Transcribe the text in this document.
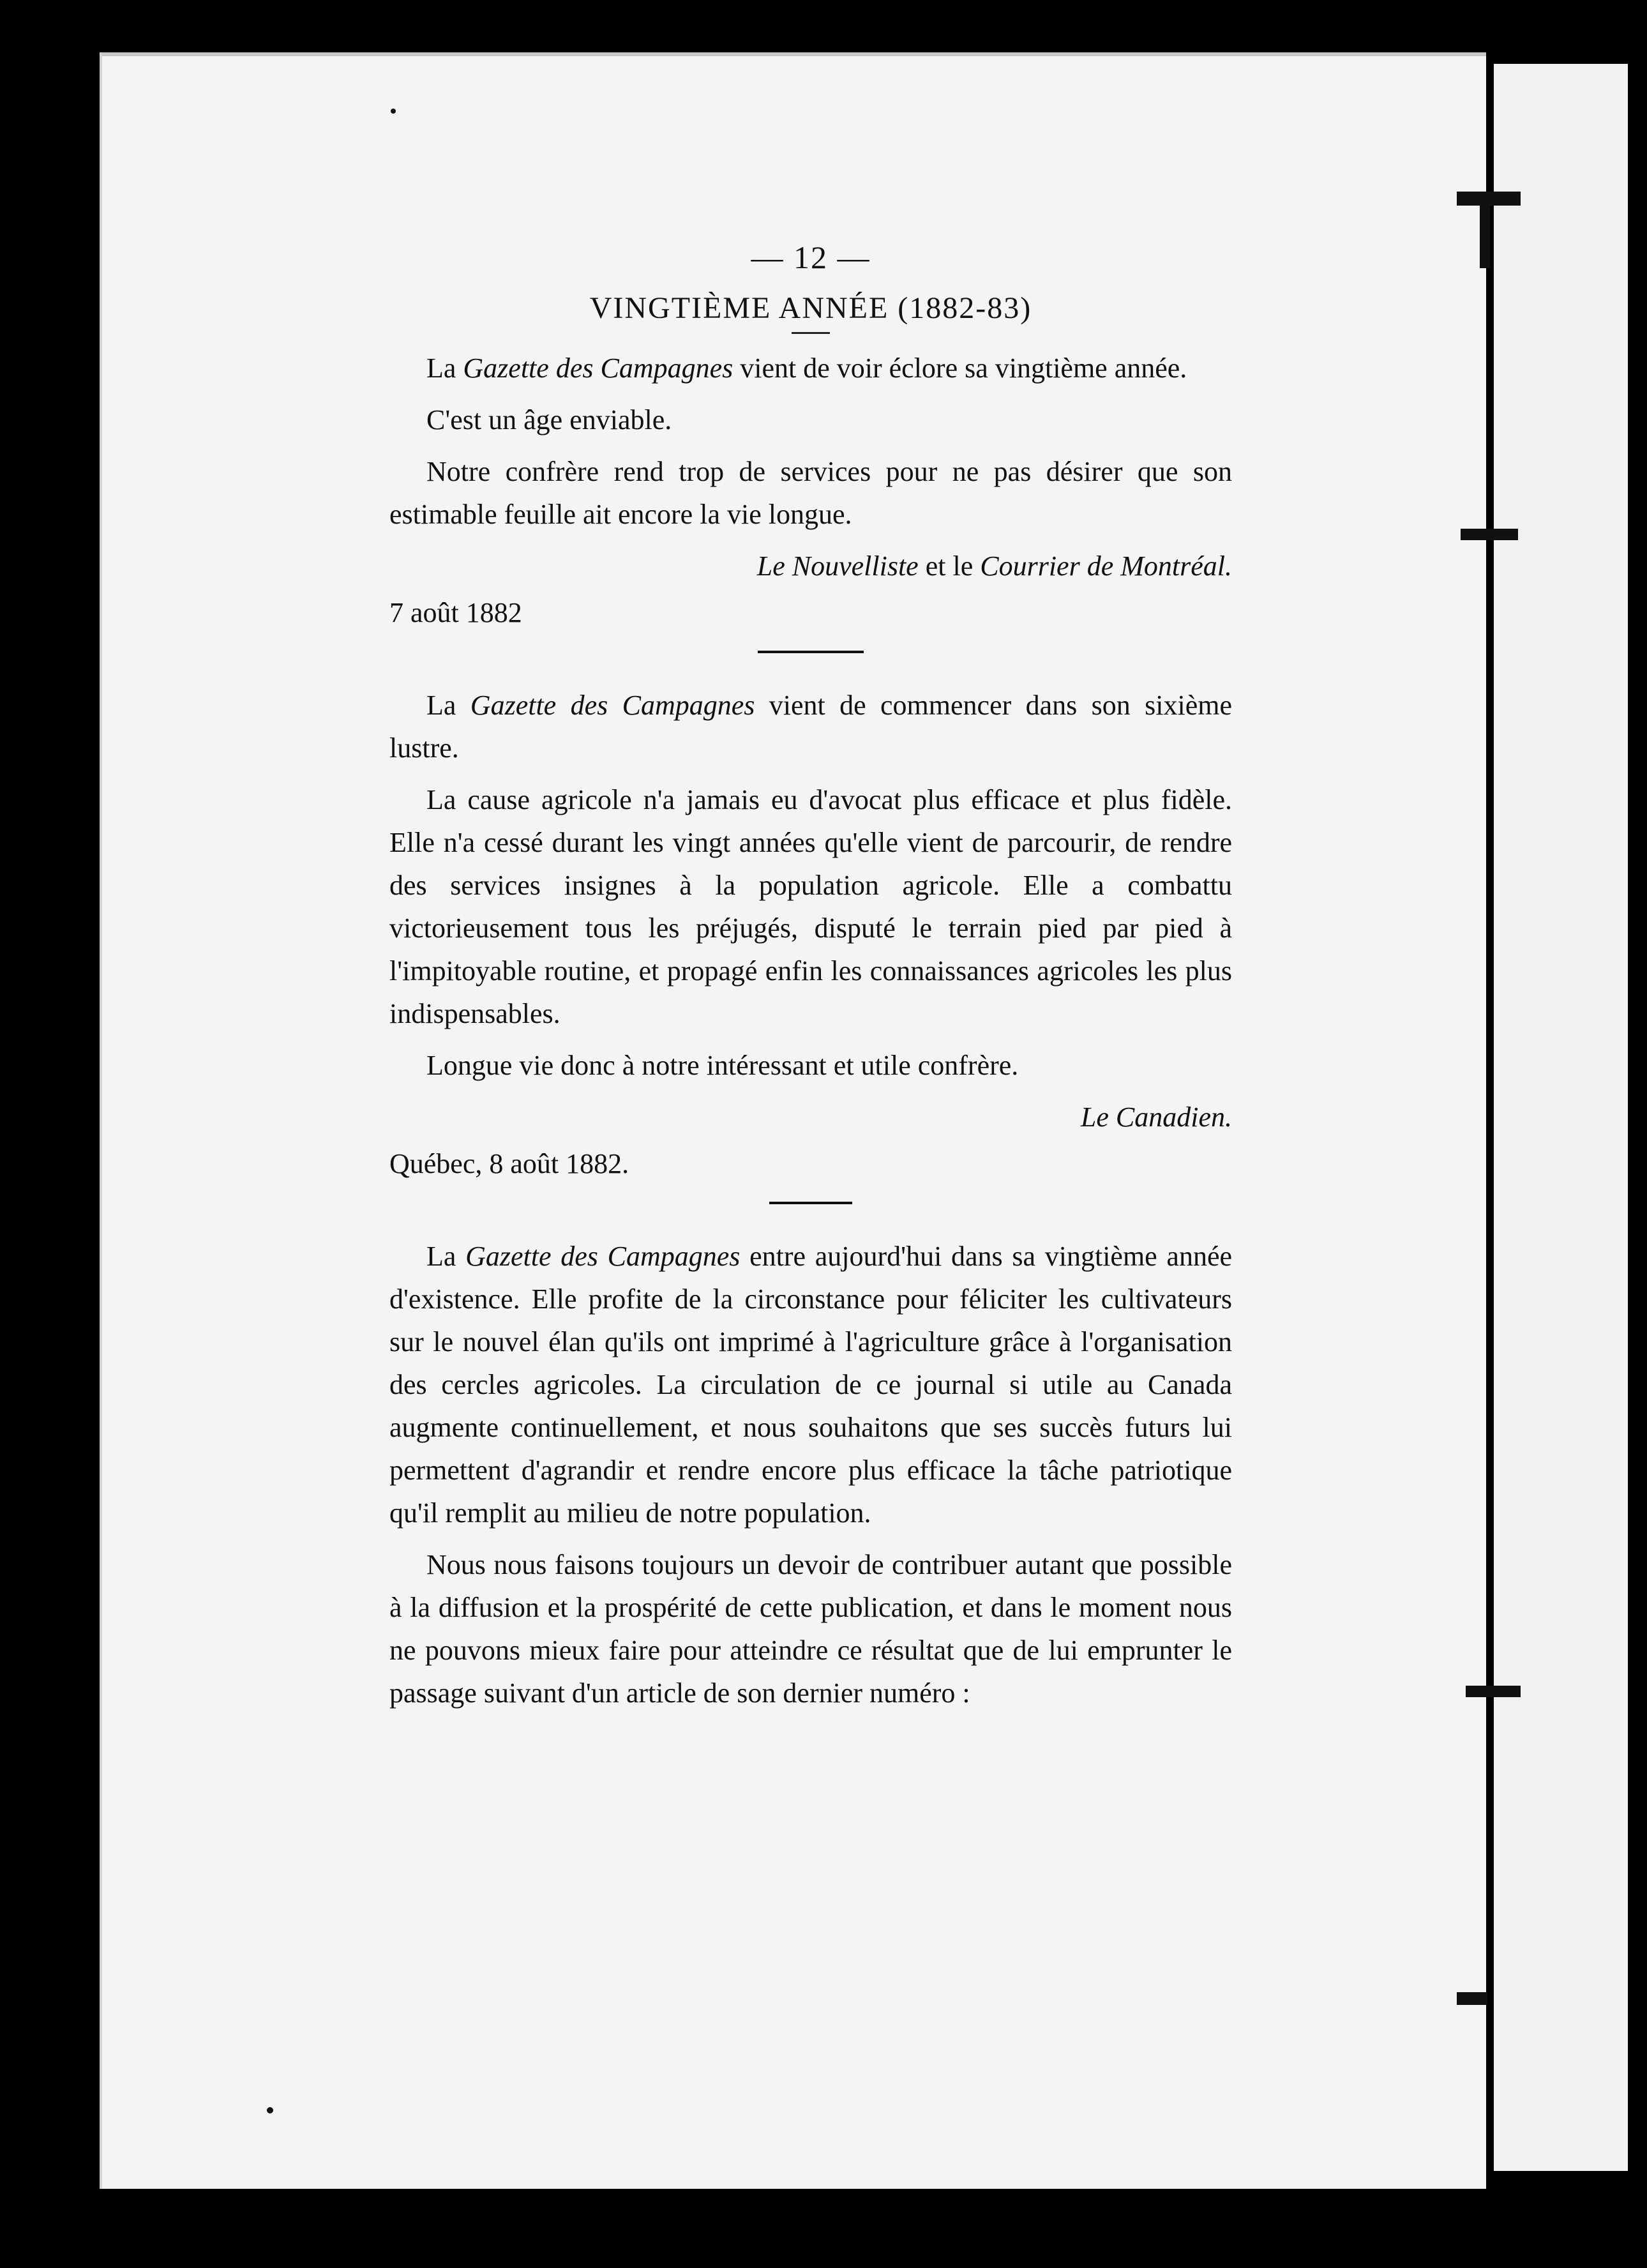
— 12 —
VINGTIÈME ANNÉE (1882-83)

La Gazette des Campagnes vient de voir éclore sa vingtième année.

C'est un âge enviable.

Notre confrère rend trop de services pour ne pas désirer que son estimable feuille ait encore la vie longue.

Le Nouvelliste et le Courrier de Montréal.
7 août 1882

La Gazette des Campagnes vient de commencer dans son sixième lustre.

La cause agricole n'a jamais eu d'avocat plus efficace et plus fidèle. Elle n'a cessé durant les vingt années qu'elle vient de parcourir, de rendre des services insignes à la population agricole. Elle a combattu victorieusement tous les préjugés, disputé le terrain pied par pied à l'impitoyable routine, et propagé enfin les connaissances agricoles les plus indispensables.

Longue vie donc à notre intéressant et utile confrère.

Le Canadien.
Québec, 8 août 1882.

La Gazette des Campagnes entre aujourd'hui dans sa vingtième année d'existence. Elle profite de la circonstance pour féliciter les cultivateurs sur le nouvel élan qu'ils ont imprimé à l'agriculture grâce à l'organisation des cercles agricoles. La circulation de ce journal si utile au Canada augmente continuellement, et nous souhaitons que ses succès futurs lui permettent d'agrandir et rendre encore plus efficace la tâche patriotique qu'il remplit au milieu de notre population.

Nous nous faisons toujours un devoir de contribuer autant que possible à la diffusion et la prospérité de cette publication, et dans le moment nous ne pouvons mieux faire pour atteindre ce résultat que de lui emprunter le passage suivant d'un article de son dernier numéro :
